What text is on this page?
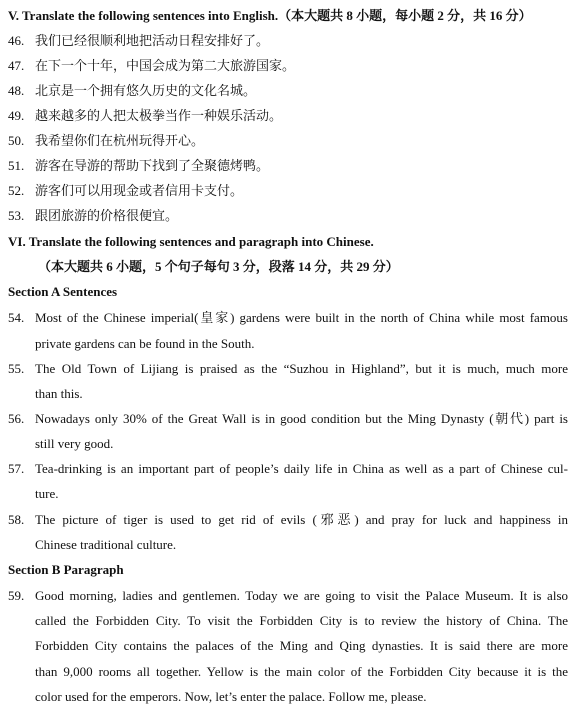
V. Translate the following sentences into English.（本大题共 8 小题，每小题 2 分，共 16 分）
46. 我们已经很顺利地把活动日程安排好了。
47. 在下一个十年，中国会成为第二大旅游国家。
48. 北京是一个拥有悠久历史的文化名城。
49. 越来越多的人把太极拳当作一种娱乐活动。
50. 我希望你们在杭州玩得开心。
51. 游客在导游的帮助下找到了全聚德烤鸭。
52. 游客们可以用现金或者信用卡支付。
53. 跟团旅游的价格很便宜。
VI. Translate the following sentences and paragraph into Chinese.
（本大题共 6 小题，5 个句子每句 3 分，段落 14 分，共 29 分）
Section A Sentences
54. Most of the Chinese imperial(皇家) gardens were built in the north of China while most famous
private gardens can be found in the South.
55. The Old Town of Lijiang is praised as the “Suzhou in Highland”, but it is much, much more
than this.
56. Nowadays only 30% of the Great Wall is in good condition but the Ming Dynasty (朝代) part is
still very good.
57. Tea-drinking is an important part of people’s daily life in China as well as a part of Chinese cul-
ture.
58. The picture of tiger is used to get rid of evils (邪恶) and pray for luck and happiness in
Chinese traditional culture.
Section B Paragraph
59. Good morning, ladies and gentlemen. Today we are going to visit the Palace Museum. It is also
called the Forbidden City. To visit the Forbidden City is to review the history of China. The
Forbidden City contains the palaces of the Ming and Qing dynasties. It is said there are more
than 9,000 rooms all together. Yellow is the main color of the Forbidden City because it is the
color used for the emperors. Now, let’s enter the palace. Follow me, please.
